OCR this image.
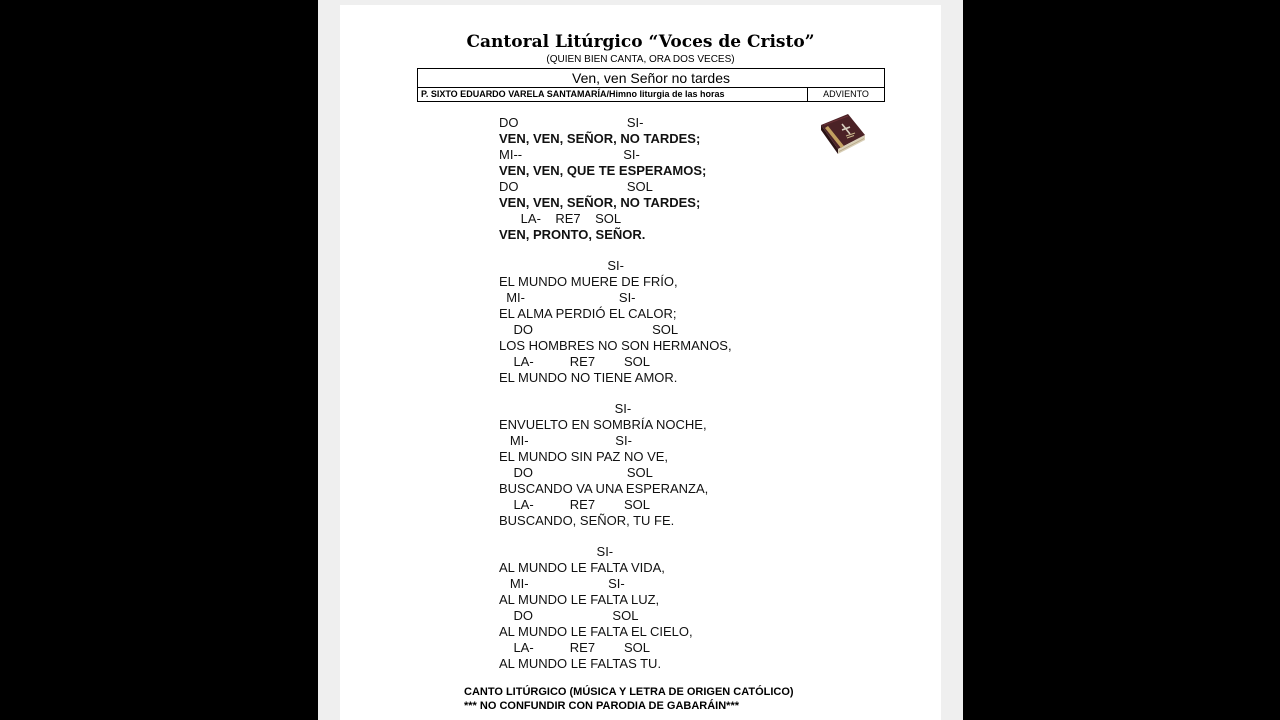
Cantoral Litúrgico “Voces de Cristo”
(QUIEN BIEN CANTA, ORA DOS VECES)
Ven, ven Señor no tardes
P. SIXTO EDUARDO VARELA SANTAMARÍA/Himno liturgia de las horas	ADVIENTO
DO                              SI-
VEN, VEN, SEÑOR, NO TARDES;
MI--                            SI-
VEN, VEN, QUE TE ESPERAMOS;
DO                              SOL
VEN, VEN, SEÑOR, NO TARDES;
LA-    RE7    SOL
VEN, PRONTO, SEÑOR.
SI-
EL MUNDO MUERE DE FRÍO,
MI-                          SI-
EL ALMA PERDIÓ EL CALOR;
DO                                 SOL
LOS HOMBRES NO SON HERMANOS,
LA-          RE7        SOL
EL MUNDO NO TIENE AMOR.
SI-
ENVUELTO EN SOMBRÍA NOCHE,
MI-                        SI-
EL MUNDO SIN PAZ NO VE,
DO                          SOL
BUSCANDO VA UNA ESPERANZA,
LA-          RE7        SOL
BUSCANDO, SEÑOR, TU FE.
SI-
AL MUNDO LE FALTA VIDA,
MI-                      SI-
AL MUNDO LE FALTA LUZ,
DO                      SOL
AL MUNDO LE FALTA EL CIELO,
LA-          RE7        SOL
AL MUNDO LE FALTAS TU.
CANTO LITÚRGICO (MÚSICA Y LETRA DE ORIGEN CATÓLICO)
*** NO CONFUNDIR CON PARODIA DE GABARÁIN***
